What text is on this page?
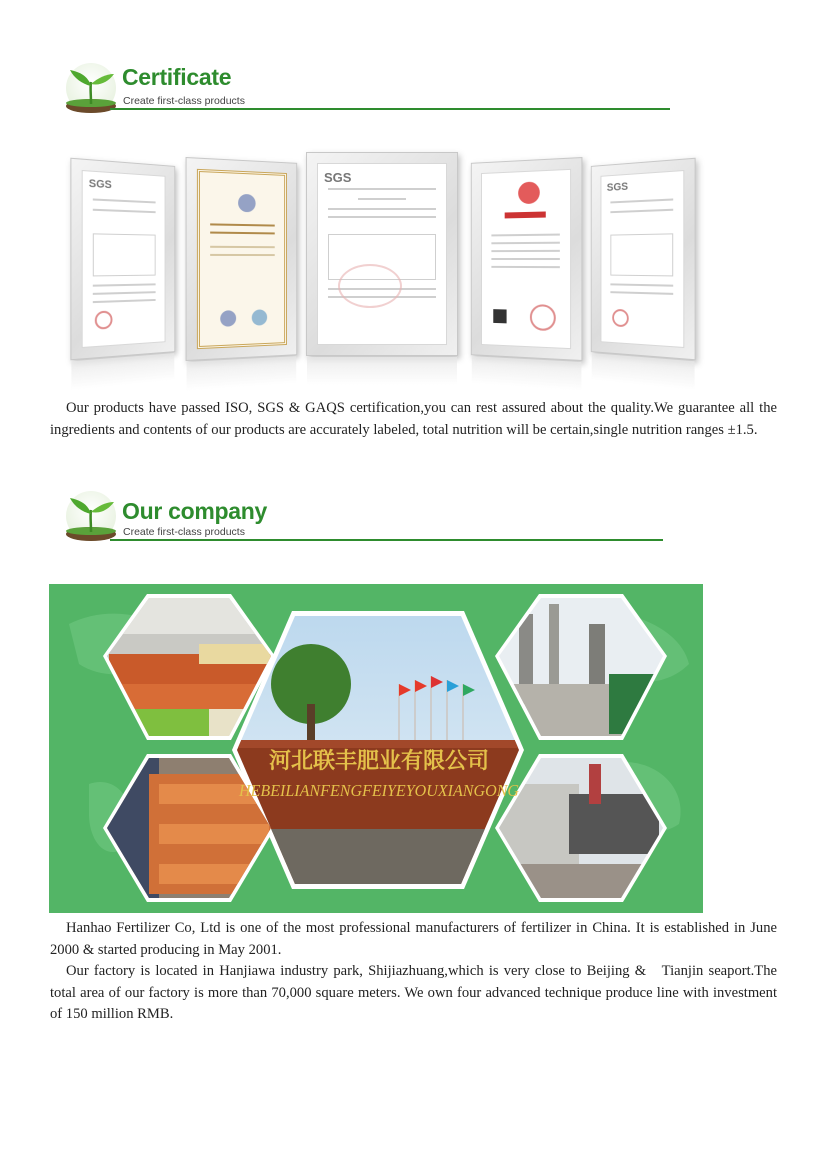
Certificate
Create first-class products
SGS	SGS
SGS

Our products have passed ISO, SGS & GAQS certification,you can rest assured about the quality.We guarantee all the ingredients and contents of our products are accurately labeled, total nutrition will be certain,single nutrition ranges ±1.5.

Our company
Create first-class products
河北联丰肥业有限公司
HEBEILIANFENGFEIYEYOUXIANGONG

Hanhao Fertilizer Co, Ltd is one of the most professional manufacturers of fertilizer in China. It is established in June 2000 & started producing in May 2001.

Our factory is located in Hanjiawa industry park, Shijiazhuang,which is very close to Beijing &   Tianjin seaport.The total area of our factory is more than 70,000 square meters. We own four advanced technique produce line with investment of 150 million RMB.
